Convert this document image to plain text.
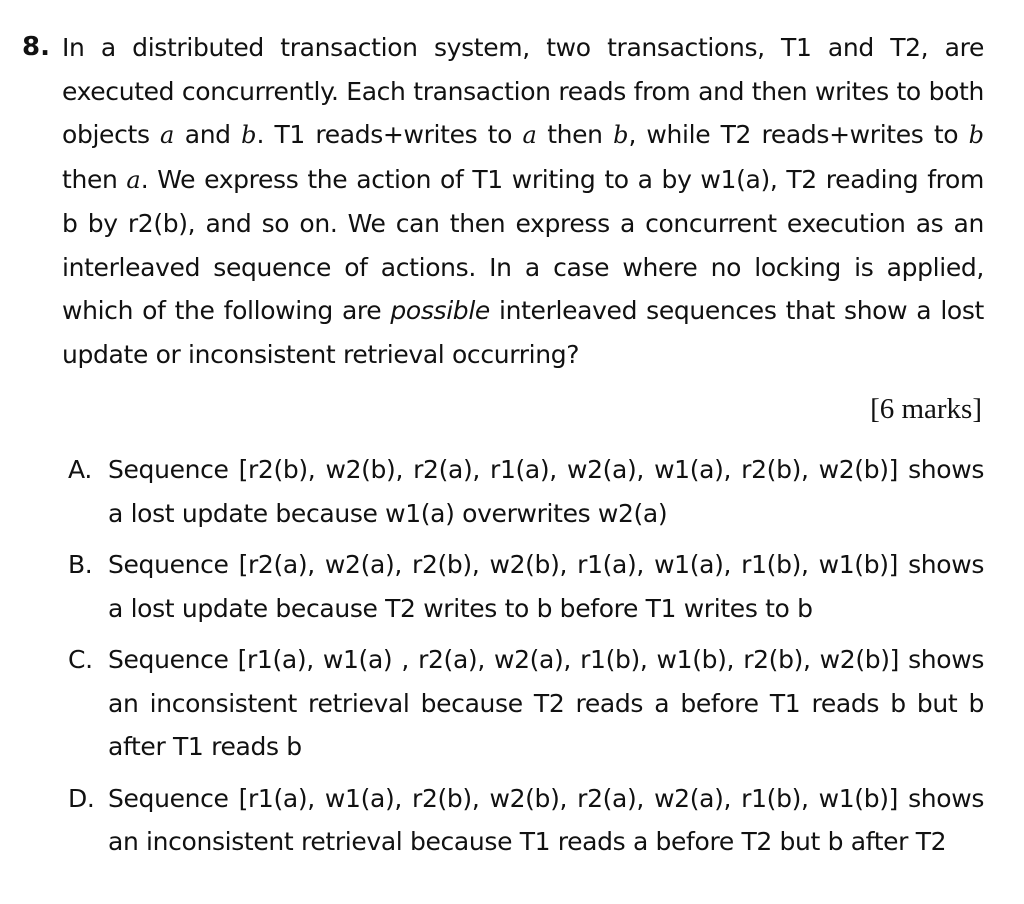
8. In a distributed transaction system, two transactions, T1 and T2, are executed concurrently. Each transaction reads from and then writes to both objects a and b. T1 reads+writes to a then b, while T2 reads+writes to b then a. We express the action of T1 writing to a by w1(a), T2 reading from b by r2(b), and so on. We can then express a concurrent execution as an interleaved sequence of actions. In a case where no locking is applied, which of the following are possible interleaved sequences that show a lost update or inconsistent retrieval occurring?
[6 marks]
A. Sequence [r2(b), w2(b), r2(a), r1(a), w2(a), w1(a), r2(b), w2(b)] shows a lost update because w1(a) overwrites w2(a)
B. Sequence [r2(a), w2(a), r2(b), w2(b), r1(a), w1(a), r1(b), w1(b)] shows a lost update because T2 writes to b before T1 writes to b
C. Sequence [r1(a), w1(a) , r2(a), w2(a), r1(b), w1(b), r2(b), w2(b)] shows an inconsistent retrieval because T2 reads a before T1 reads b but b after T1 reads b
D. Sequence [r1(a), w1(a), r2(b), w2(b), r2(a), w2(a), r1(b), w1(b)] shows an inconsistent retrieval because T1 reads a before T2 but b after T2
